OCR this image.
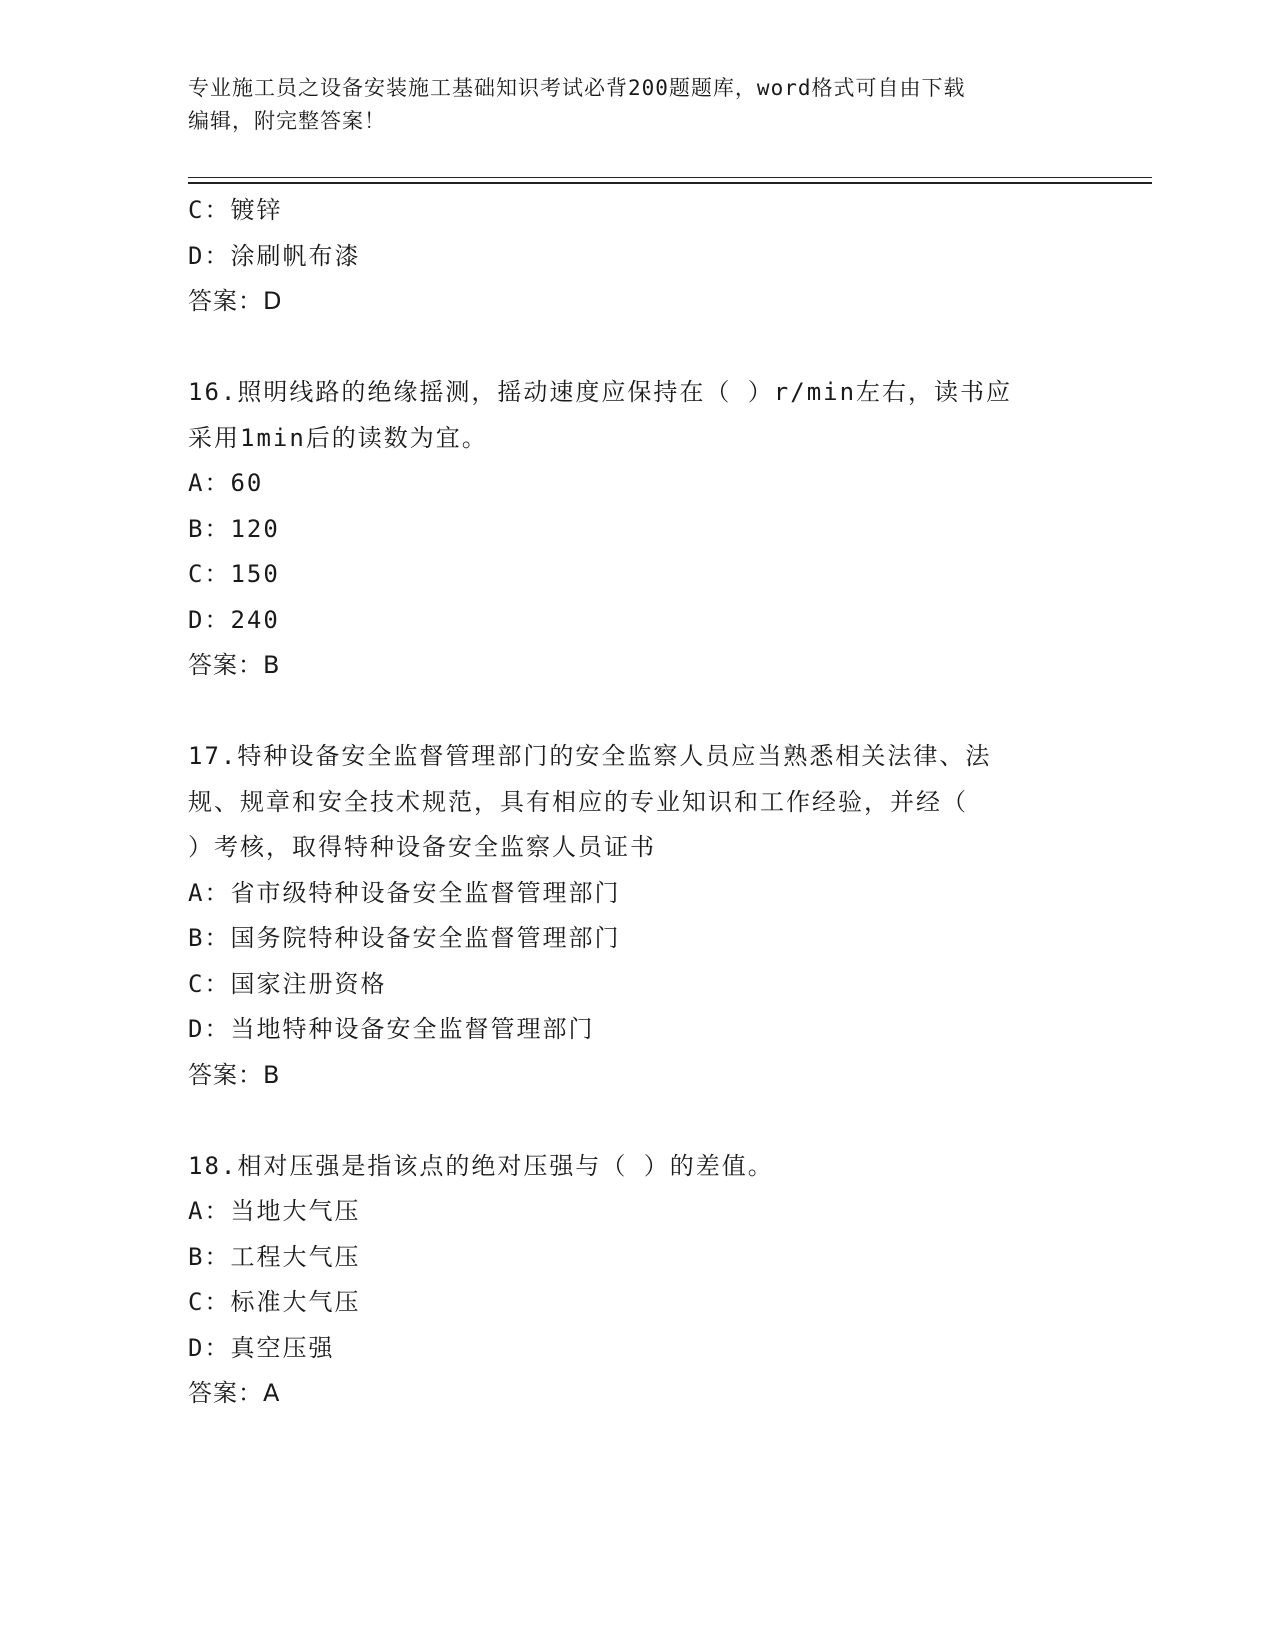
专业施工员之设备安装施工基础知识考试必背200题题库，word格式可自由下载
编辑，附完整答案！
C：镀锌
D：涂刷帆布漆
答案：D
16.照明线路的绝缘摇测，摇动速度应保持在（ ）r/min左右，读书应
采用1min后的读数为宜。
A：60
B：120
C：150
D：240
答案：B
17.特种设备安全监督管理部门的安全监察人员应当熟悉相关法律、法
规、规章和安全技术规范，具有相应的专业知识和工作经验，并经（
）考核，取得特种设备安全监察人员证书
A：省市级特种设备安全监督管理部门
B：国务院特种设备安全监督管理部门
C：国家注册资格
D：当地特种设备安全监督管理部门
答案：B
18.相对压强是指该点的绝对压强与（ ）的差值。
A：当地大气压
B：工程大气压
C：标准大气压
D：真空压强
答案：A
